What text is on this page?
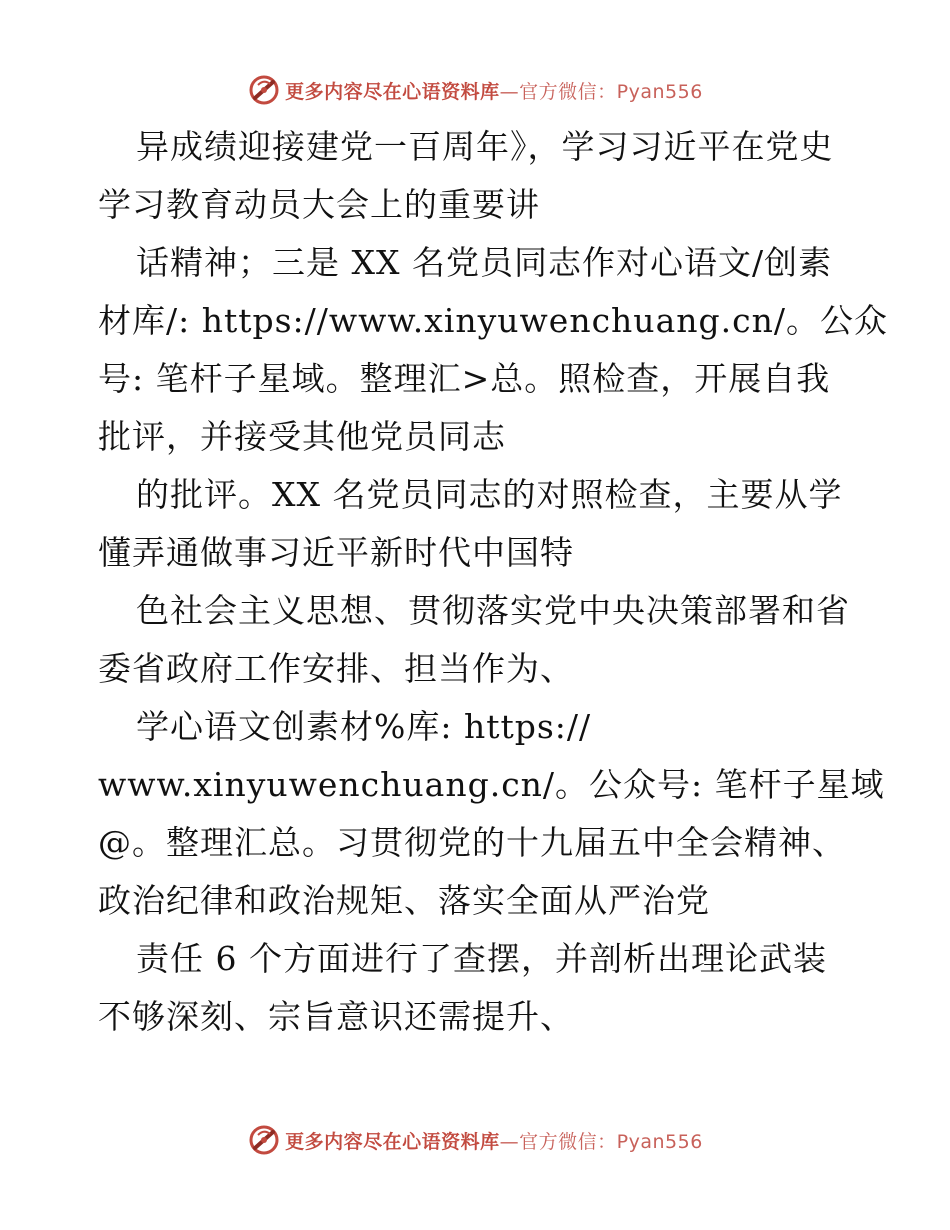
更多内容尽在心语资料库—官方微信：Pyan556
异成绩迎接建党一百周年》，学习习近平在党史
学习教育动员大会上的重要讲
话精神；三是 XX 名党员同志作对心语文/创素
材库/: https://www.xinyuwenchuang.cn/。公众
号: 笔杆子星域。整理汇>总。照检查，开展自我
批评，并接受其他党员同志
的批评。XX 名党员同志的对照检查，主要从学
懂弄通做事习近平新时代中国特
色社会主义思想、贯彻落实党中央决策部署和省
委省政府工作安排、担当作为、
学心语文创素材%库: https://
www.xinyuwenchuang.cn/。公众号: 笔杆子星域
@。整理汇总。习贯彻党的十九届五中全会精神、
政治纪律和政治规矩、落实全面从严治党
责任 6 个方面进行了查摆，并剖析出理论武装
不够深刻、宗旨意识还需提升、
更多内容尽在心语资料库—官方微信：Pyan556
